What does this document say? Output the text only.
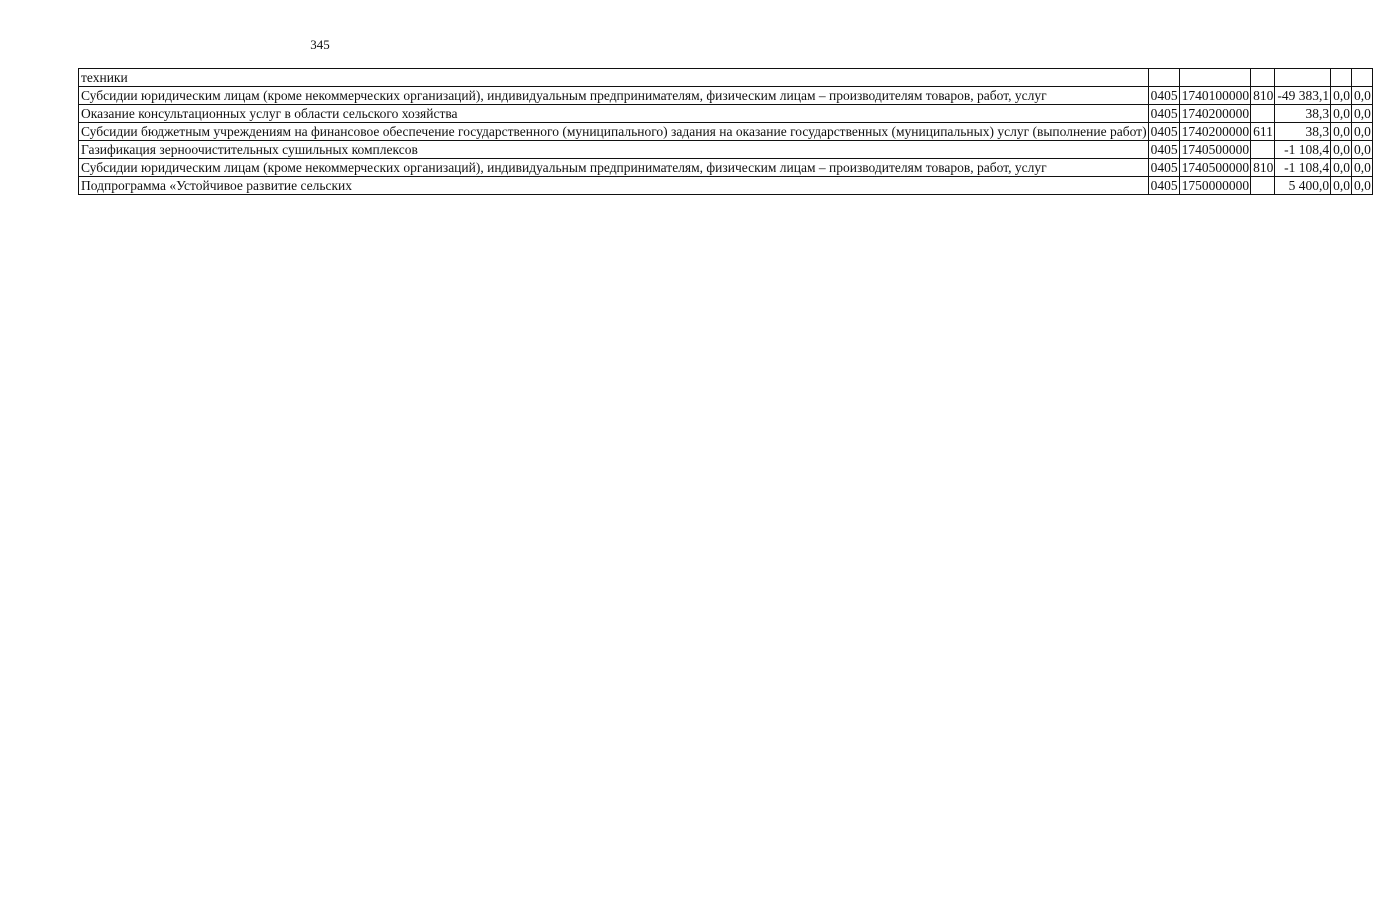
345
техники						
Субсидии юридическим лицам (кроме некоммерческих организаций), индивидуальным предпринимателям, физическим лицам – производителям товаров, работ, услуг	0405	1740100000	810	-49 383,1	0,0	0,0
Оказание консультационных услуг в области сельского хозяйства	0405	1740200000		38,3	0,0	0,0
Субсидии бюджетным учреждениям на финансовое обеспечение государственного (муниципального) задания на оказание государственных (муниципальных) услуг (выполнение работ)	0405	1740200000	611	38,3	0,0	0,0
Газификация зерноочистительных сушильных комплексов	0405	1740500000		-1 108,4	0,0	0,0
Субсидии юридическим лицам (кроме некоммерческих организаций), индивидуальным предпринимателям, физическим лицам – производителям товаров, работ, услуг	0405	1740500000	810	-1 108,4	0,0	0,0
Подпрограмма «Устойчивое развитие сельских	0405	1750000000		5 400,0	0,0	0,0
